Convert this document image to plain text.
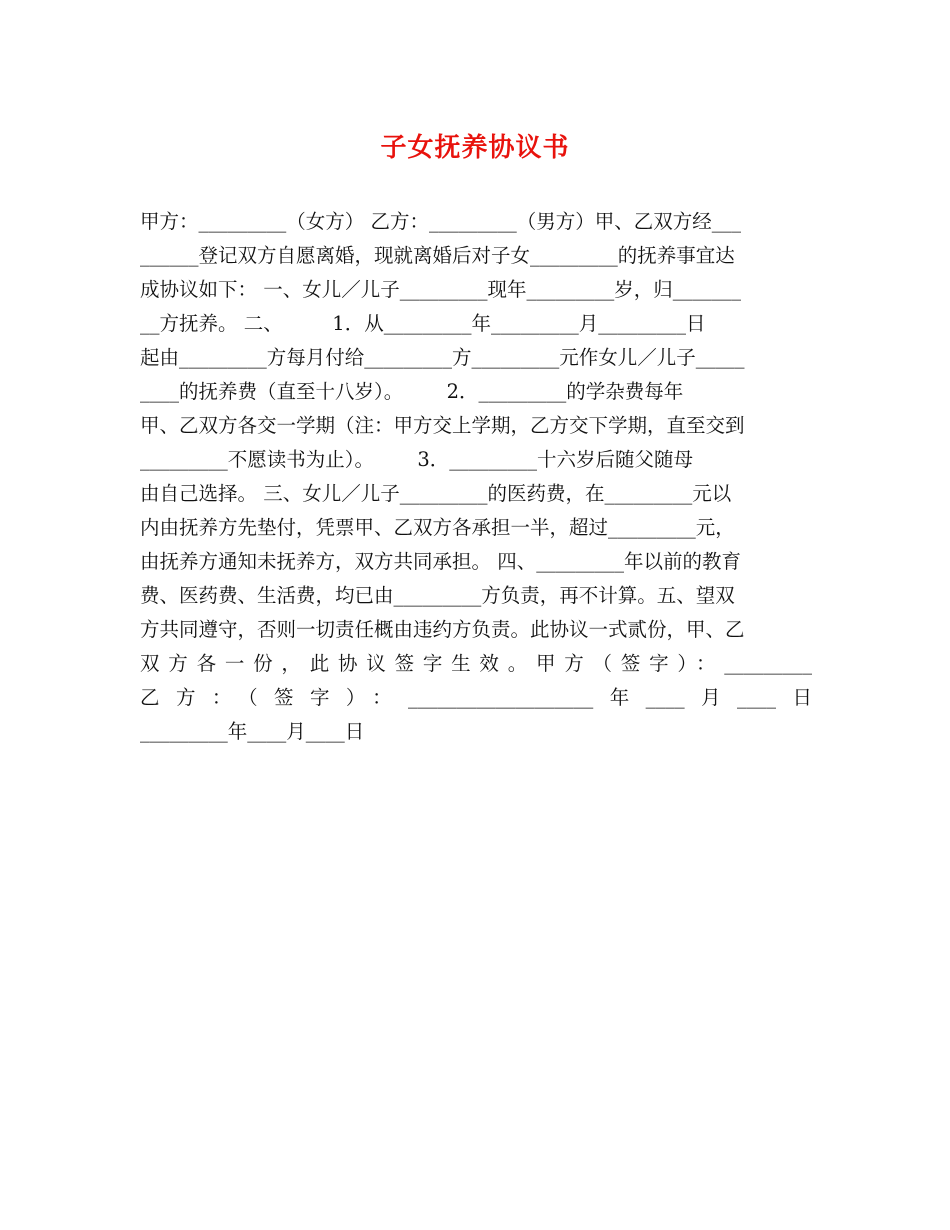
子女抚养协议书
甲方：_________（女方） 乙方：_________（男方）甲、乙双方经___
______登记双方自愿离婚，现就离婚后对子女_________的抚养事宜达
成协议如下： 一、女儿／儿子_________现年_________岁，归_______
__方抚养。 二、        1．从_________年_________月_________日
起由_________方每月付给_________方_________元作女儿／儿子_____
____的抚养费（直至十八岁）。       2．_________的学杂费每年
甲、乙双方各交一学期（注：甲方交上学期，乙方交下学期，直至交到
_________不愿读书为止）。       3．_________十六岁后随父随母
由自己选择。 三、女儿／儿子_________的医药费，在_________元以
内由抚养方先垫付，凭票甲、乙双方各承担一半，超过_________元，
由抚养方通知未抚养方，双方共同承担。 四、_________年以前的教育
费、医药费、生活费，均已由_________方负责，再不计算。五、望双
方共同遵守，否则一切责任概由违约方负责。此协议一式贰份，甲、乙
双方各一份，此协议签字生效。甲方（签字）：_________
乙方：（签字）：___________________年____月____日
_________年____月____日
